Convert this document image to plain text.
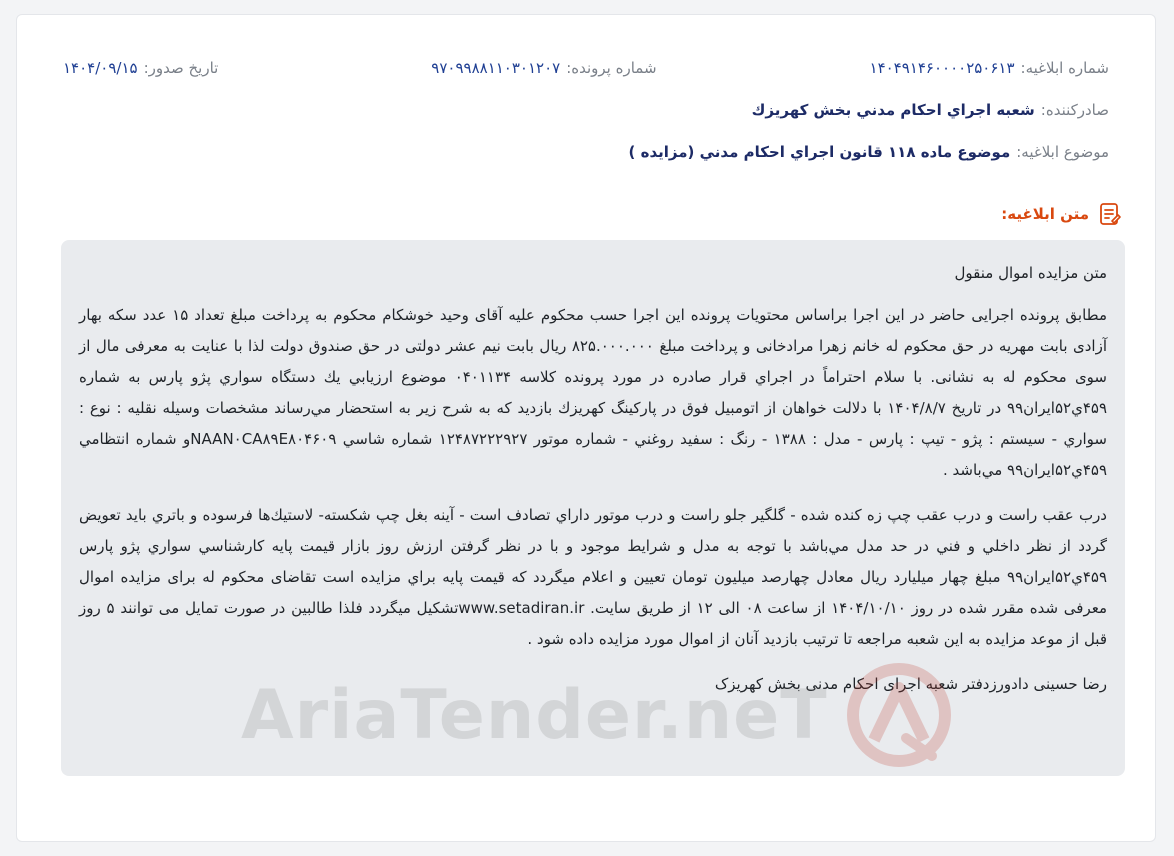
شماره ابلاغیه:
۱۴۰۴۹۱۴۶۰۰۰۰۲۵۰۶۱۳
شماره پرونده:
۹۷۰۹۹۸۸۱۱۰۳۰۱۲۰۷
تاریخ صدور:
۱۴۰۴/۰۹/۱۵
صادرکننده:
شعبه اجراي احكام مدني بخش كهريزك
موضوع ابلاغیه:
موضوع ماده ۱۱۸ قانون اجراي احكام مدني (مزايده )
متن ابلاغیه:
AriaTender.neT
متن مزایده اموال منقول
مطابق پرونده اجرایی حاضر در این اجرا براساس محتویات پرونده این اجرا حسب محکوم علیه آقای وحید خوشکام محکوم به پرداخت مبلغ تعداد ۱۵ عدد سکه بهار آزادی بابت مهریه در حق محکوم له خانم زهرا مرادخانی و پرداخت مبلغ ۸۲۵.۰۰۰.۰۰۰ ریال بابت نیم عشر دولتی در حق صندوق دولت لذا با عنایت به معرفی مال از سوی محکوم له به نشانی. با سلام احتراماً در اجراي قرار صادره در مورد پرونده كلاسه ۰۴۰۱۱۳۴ موضوع ارزيابي يك دستگاه سواري پژو پارس به شماره ۴۵۹ي۵۲ايران۹۹ در تاريخ ۱۴۰۴/۸/۷ با دلالت خواهان از اتومبيل فوق در پاركينگ كهريزك بازديد كه به شرح زير به استحضار مي‌رساند مشخصات وسيله نقليه : نوع : سواري - سيستم : پژو - تيپ : پارس - مدل : ۱۳۸۸ - رنگ : سفيد روغني - شماره موتور ۱۲۴۸۷۲۲۲۹۲۷ شماره شاسي NAAN۰CA۸۹E۸۰۴۶۰۹و شماره انتظامي ۴۵۹ي۵۲ايران۹۹ مي‌باشد .
درب عقب راست و درب عقب چپ زه كنده شده - گلگير جلو راست و درب موتور داراي تصادف است - آينه بغل چپ شكسته- لاستيك‌ها فرسوده و باتري بايد تعويض گردد از نظر داخلي و فني در حد مدل مي‌باشد با توجه به مدل و شرايط موجود و با در نظر گرفتن ارزش روز بازار قيمت پايه كارشناسي سواري پژو پارس ۴۵۹ي۵۲ايران۹۹ مبلغ چهار ميليارد ريال معادل چهارصد ميليون تومان تعيين و اعلام ميگردد كه قيمت پايه براي مزايده است تقاضای محکوم له برای مزایده اموال معرفی شده مقرر شده در روز ۱۴۰۴/۱۰/۱۰ از ساعت ۰۸ الی ۱۲ از طریق سایت. www.setadiran.irتشکیل میگردد فلذا طالبین در صورت تمایل می توانند ۵ روز قبل از موعد مزایده به این شعبه مراجعه تا ترتیب بازدید آنان از اموال مورد مزایده داده شود .
رضا حسینی دادورزدفتر شعبه اجرای احکام مدنی بخش کهریزک
